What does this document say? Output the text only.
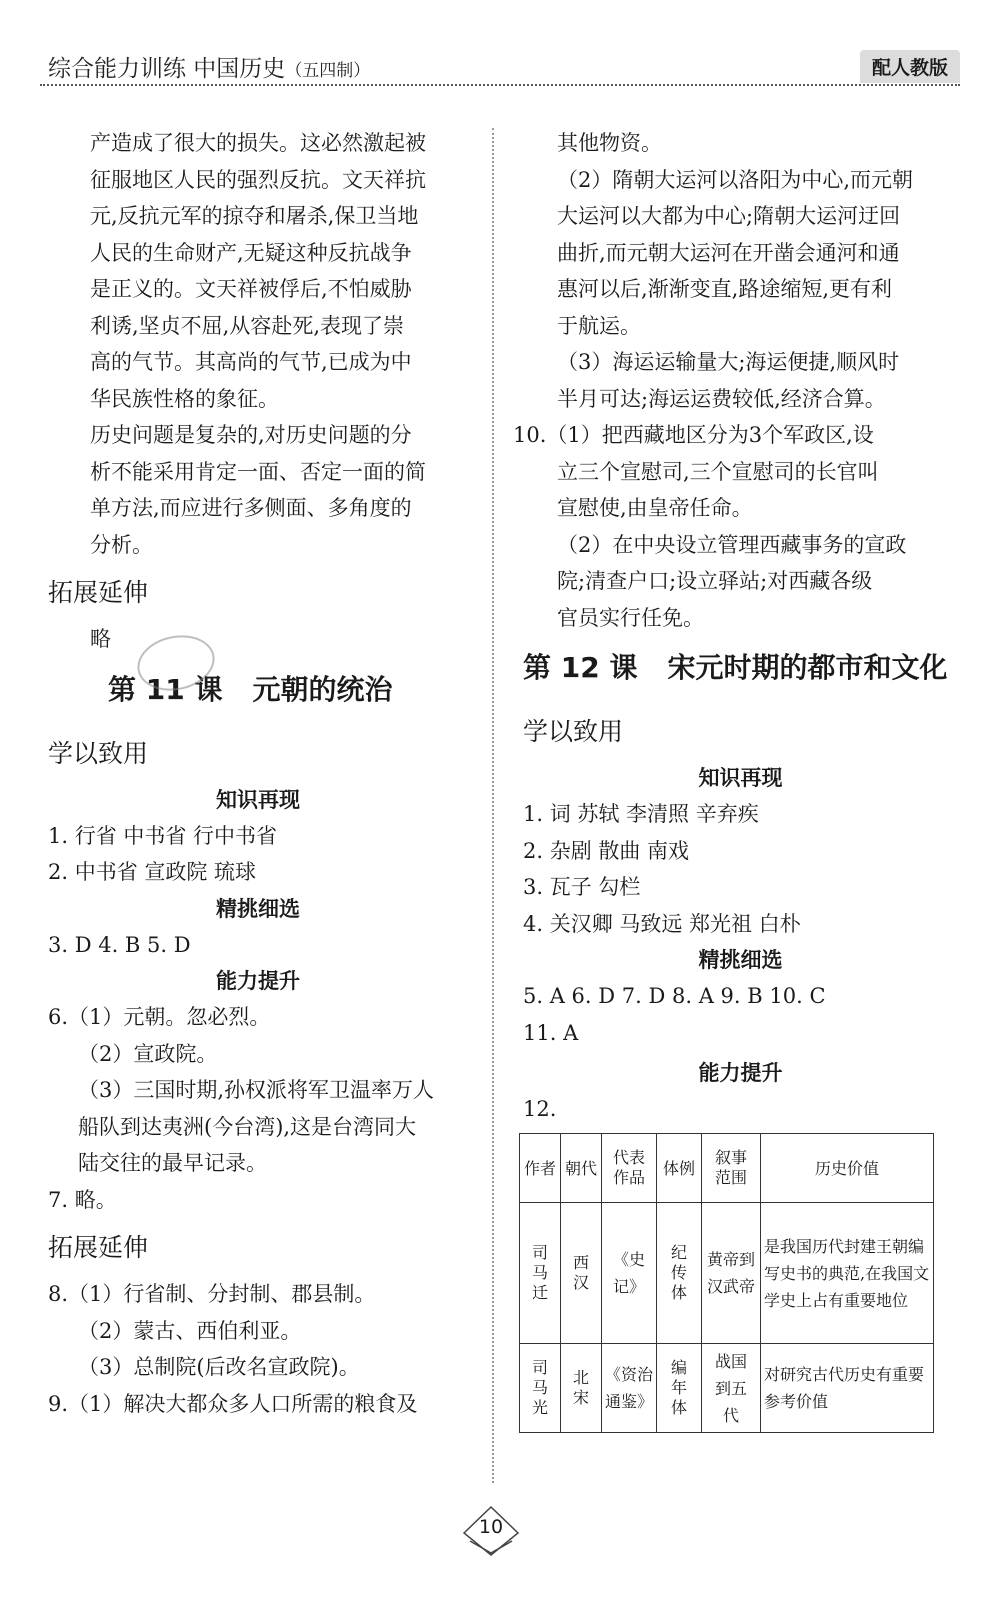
综合能力训练 中国历史（五四制）	配人教版
产造成了很大的损失。这必然激起被
征服地区人民的强烈反抗。文天祥抗
元,反抗元军的掠夺和屠杀,保卫当地
人民的生命财产,无疑这种反抗战争
是正义的。文天祥被俘后,不怕威胁
利诱,坚贞不屈,从容赴死,表现了崇
高的气节。其高尚的气节,已成为中
华民族性格的象征。
历史问题是复杂的,对历史问题的分
析不能采用肯定一面、否定一面的简
单方法,而应进行多侧面、多角度的
分析。
拓展延伸
略
第 11 课 元朝的统治
学以致用
知识再现
1. 行省 中书省 行中书省
2. 中书省 宣政院 琉球
精挑细选
3. D 4. B 5. D
能力提升
6.（1）元朝。忽必烈。
（2）宣政院。
（3）三国时期,孙权派将军卫温率万人
船队到达夷洲(今台湾),这是台湾同大
陆交往的最早记录。
7. 略。
拓展延伸
8.（1）行省制、分封制、郡县制。
（2）蒙古、西伯利亚。
（3）总制院(后改名宣政院)。
9.（1）解决大都众多人口所需的粮食及
其他物资。
（2）隋朝大运河以洛阳为中心,而元朝
大运河以大都为中心;隋朝大运河迂回
曲折,而元朝大运河在开凿会通河和通
惠河以后,渐渐变直,路途缩短,更有利
于航运。
（3）海运运输量大;海运便捷,顺风时
半月可达;海运运费较低,经济合算。
10.（1）把西藏地区分为3个军政区,设
立三个宣慰司,三个宣慰司的长官叫
宣慰使,由皇帝任命。
（2）在中央设立管理西藏事务的宣政
院;清查户口;设立驿站;对西藏各级
官员实行任免。
第 12 课 宋元时期的都市和文化
学以致用
知识再现
1. 词 苏轼 李清照 辛弃疾
2. 杂剧 散曲 南戏
3. 瓦子 勾栏
4. 关汉卿 马致远 郑光祖 白朴
精挑细选
5. A 6. D 7. D 8. A 9. B 10. C
11. A
能力提升
12.
作者	朝代	代表作品	体例	叙事范围	历史价值

司马迁	西汉	《史记》	纪传体	黄帝到汉武帝	是我国历代封建王朝编写史书的典范,在我国文学史上占有重要地位

司马光	北宋	《资治通鉴》	编年体	战国到五代	对研究古代历史有重要参考价值
10
